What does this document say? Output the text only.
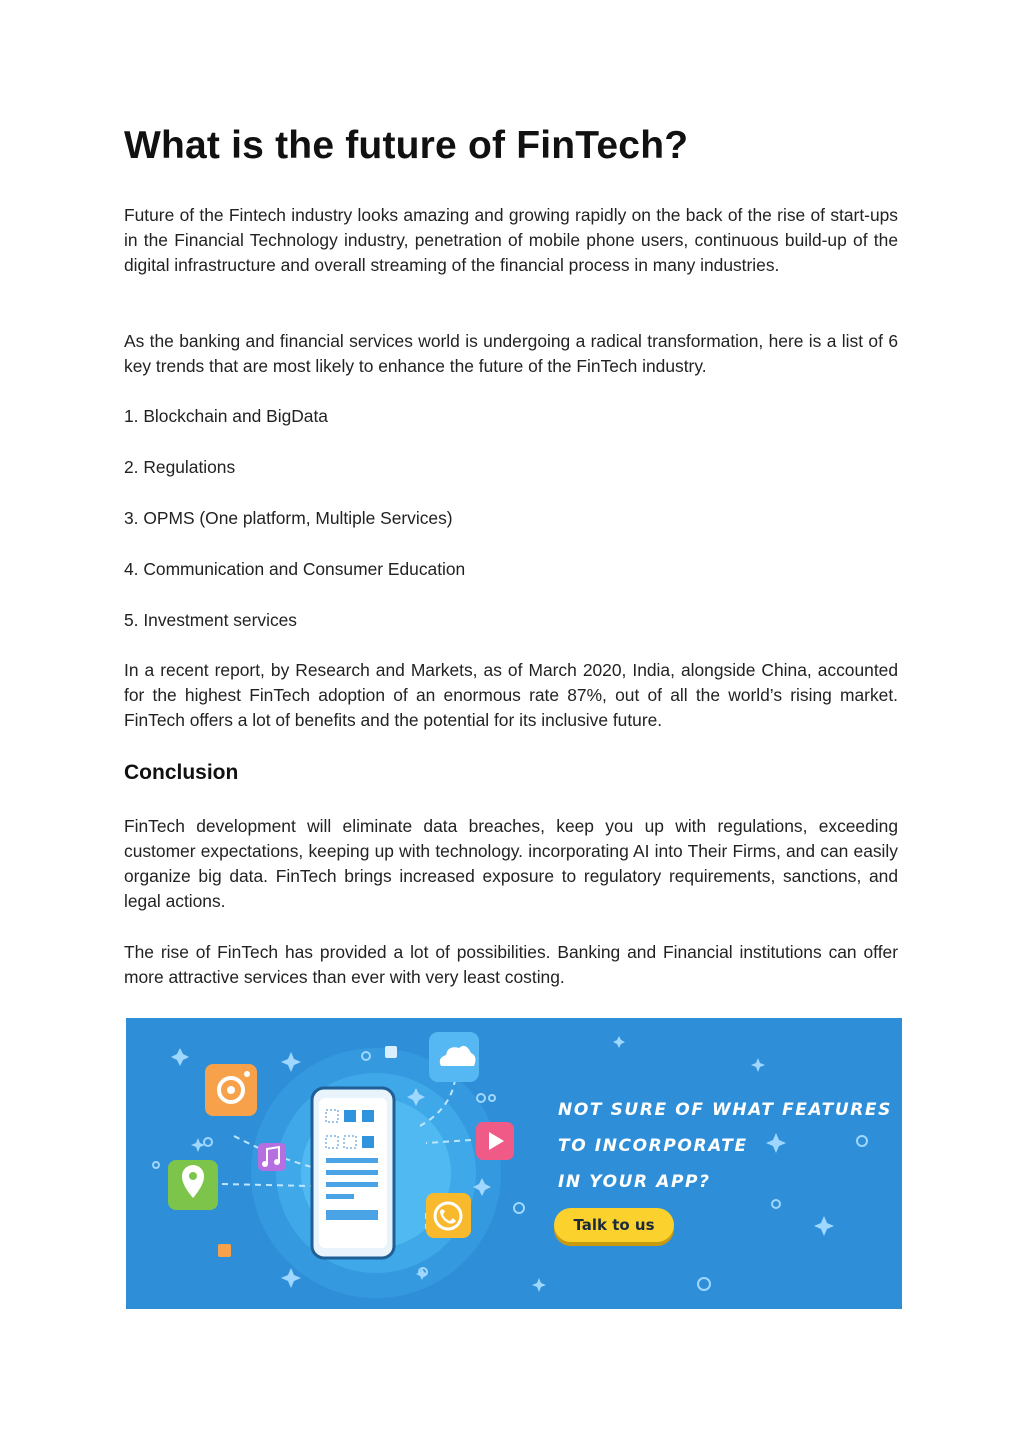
What is the future of FinTech?

Future of the Fintech industry looks amazing and growing rapidly on the back of the rise of start-ups in the Financial Technology industry, penetration of mobile phone users, continuous build-up of the digital infrastructure and overall streaming of the financial process in many industries.

As the banking and financial services world is undergoing a radical transformation, here is a list of 6 key trends that are most likely to enhance the future of the FinTech industry.

1. Blockchain and BigData

2. Regulations

3. OPMS (One platform, Multiple Services)

4. Communication and Consumer Education

5. Investment services

In a recent report, by Research and Markets, as of March 2020, India, alongside China, accounted for the highest FinTech adoption of an enormous rate 87%, out of all the world’s rising market. FinTech offers a lot of benefits and the potential for its inclusive future.

Conclusion

FinTech development will eliminate data breaches, keep you up with regulations, exceeding customer expectations, keeping up with technology. incorporating AI into Their Firms, and can easily organize big data. FinTech brings increased exposure to regulatory requirements, sanctions, and legal actions.

The rise of FinTech has provided a lot of possibilities. Banking and Financial institutions can offer more attractive services than ever with very least costing.

NOT SURE OF WHAT FEATURES
TO INCORPORATE
IN YOUR APP?
Talk to us
